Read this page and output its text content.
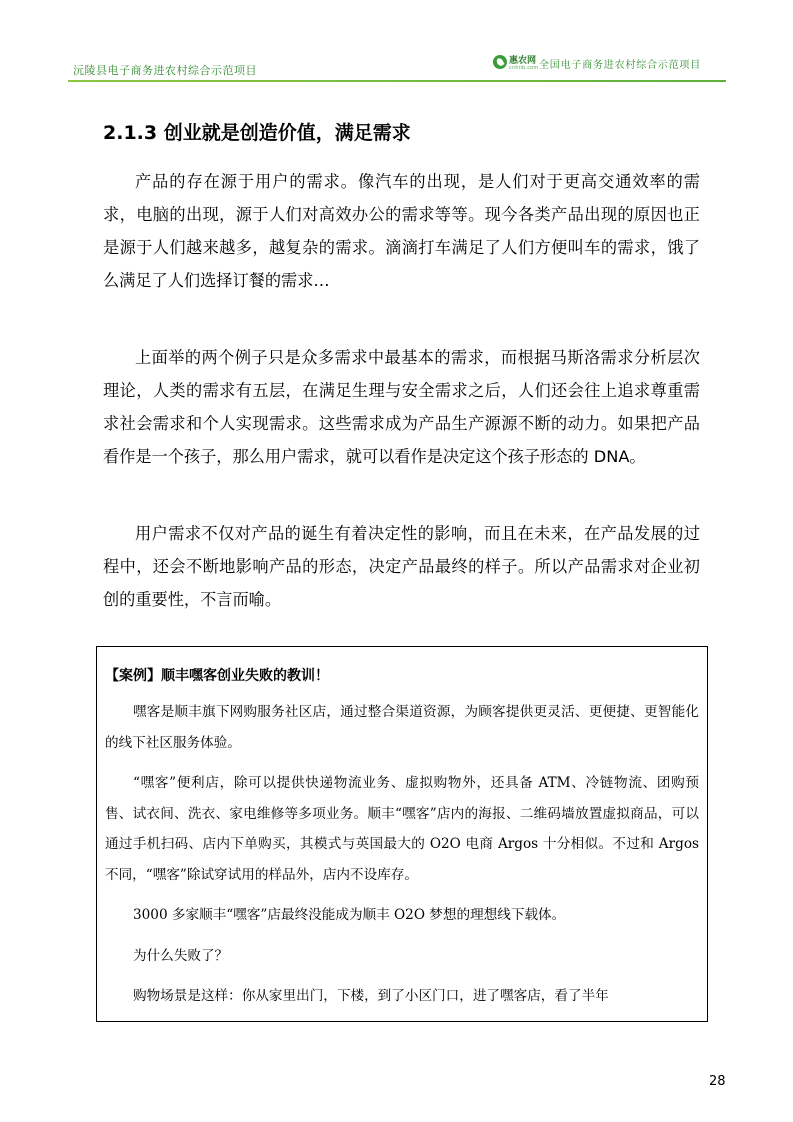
沅陵县电子商务进农村综合示范项目
惠农网
cnhnb.com 全国电子商务进农村综合示范项目
2.1.3 创业就是创造价值，满足需求

产品的存在源于用户的需求。像汽车的出现，是人们对于更高交通效率的需求，电脑的出现，源于人们对高效办公的需求等等。现今各类产品出现的原因也正是源于人们越来越多，越复杂的需求。滴滴打车满足了人们方便叫车的需求，饿了么满足了人们选择订餐的需求…

上面举的两个例子只是众多需求中最基本的需求，而根据马斯洛需求分析层次理论，人类的需求有五层，在满足生理与安全需求之后，人们还会往上追求尊重需求社会需求和个人实现需求。这些需求成为产品生产源源不断的动力。如果把产品看作是一个孩子，那么用户需求，就可以看作是决定这个孩子形态的 DNA。

用户需求不仅对产品的诞生有着决定性的影响，而且在未来，在产品发展的过程中，还会不断地影响产品的形态，决定产品最终的样子。所以产品需求对企业初创的重要性，不言而喻。

【案例】顺丰嘿客创业失败的教训！

嘿客是顺丰旗下网购服务社区店，通过整合渠道资源，为顾客提供更灵活、更便捷、更智能化的线下社区服务体验。

“嘿客”便利店，除可以提供快递物流业务、虚拟购物外，还具备 ATM、冷链物流、团购预售、试衣间、洗衣、家电维修等多项业务。顺丰“嘿客”店内的海报、二维码墙放置虚拟商品，可以通过手机扫码、店内下单购买，其模式与英国最大的 O2O 电商 Argos 十分相似。不过和 Argos 不同，“嘿客”除试穿试用的样品外，店内不设库存。

3000 多家顺丰“嘿客”店最终没能成为顺丰 O2O 梦想的理想线下载体。

为什么失败了？

购物场景是这样：你从家里出门，下楼，到了小区门口，进了嘿客店，看了半年

28
